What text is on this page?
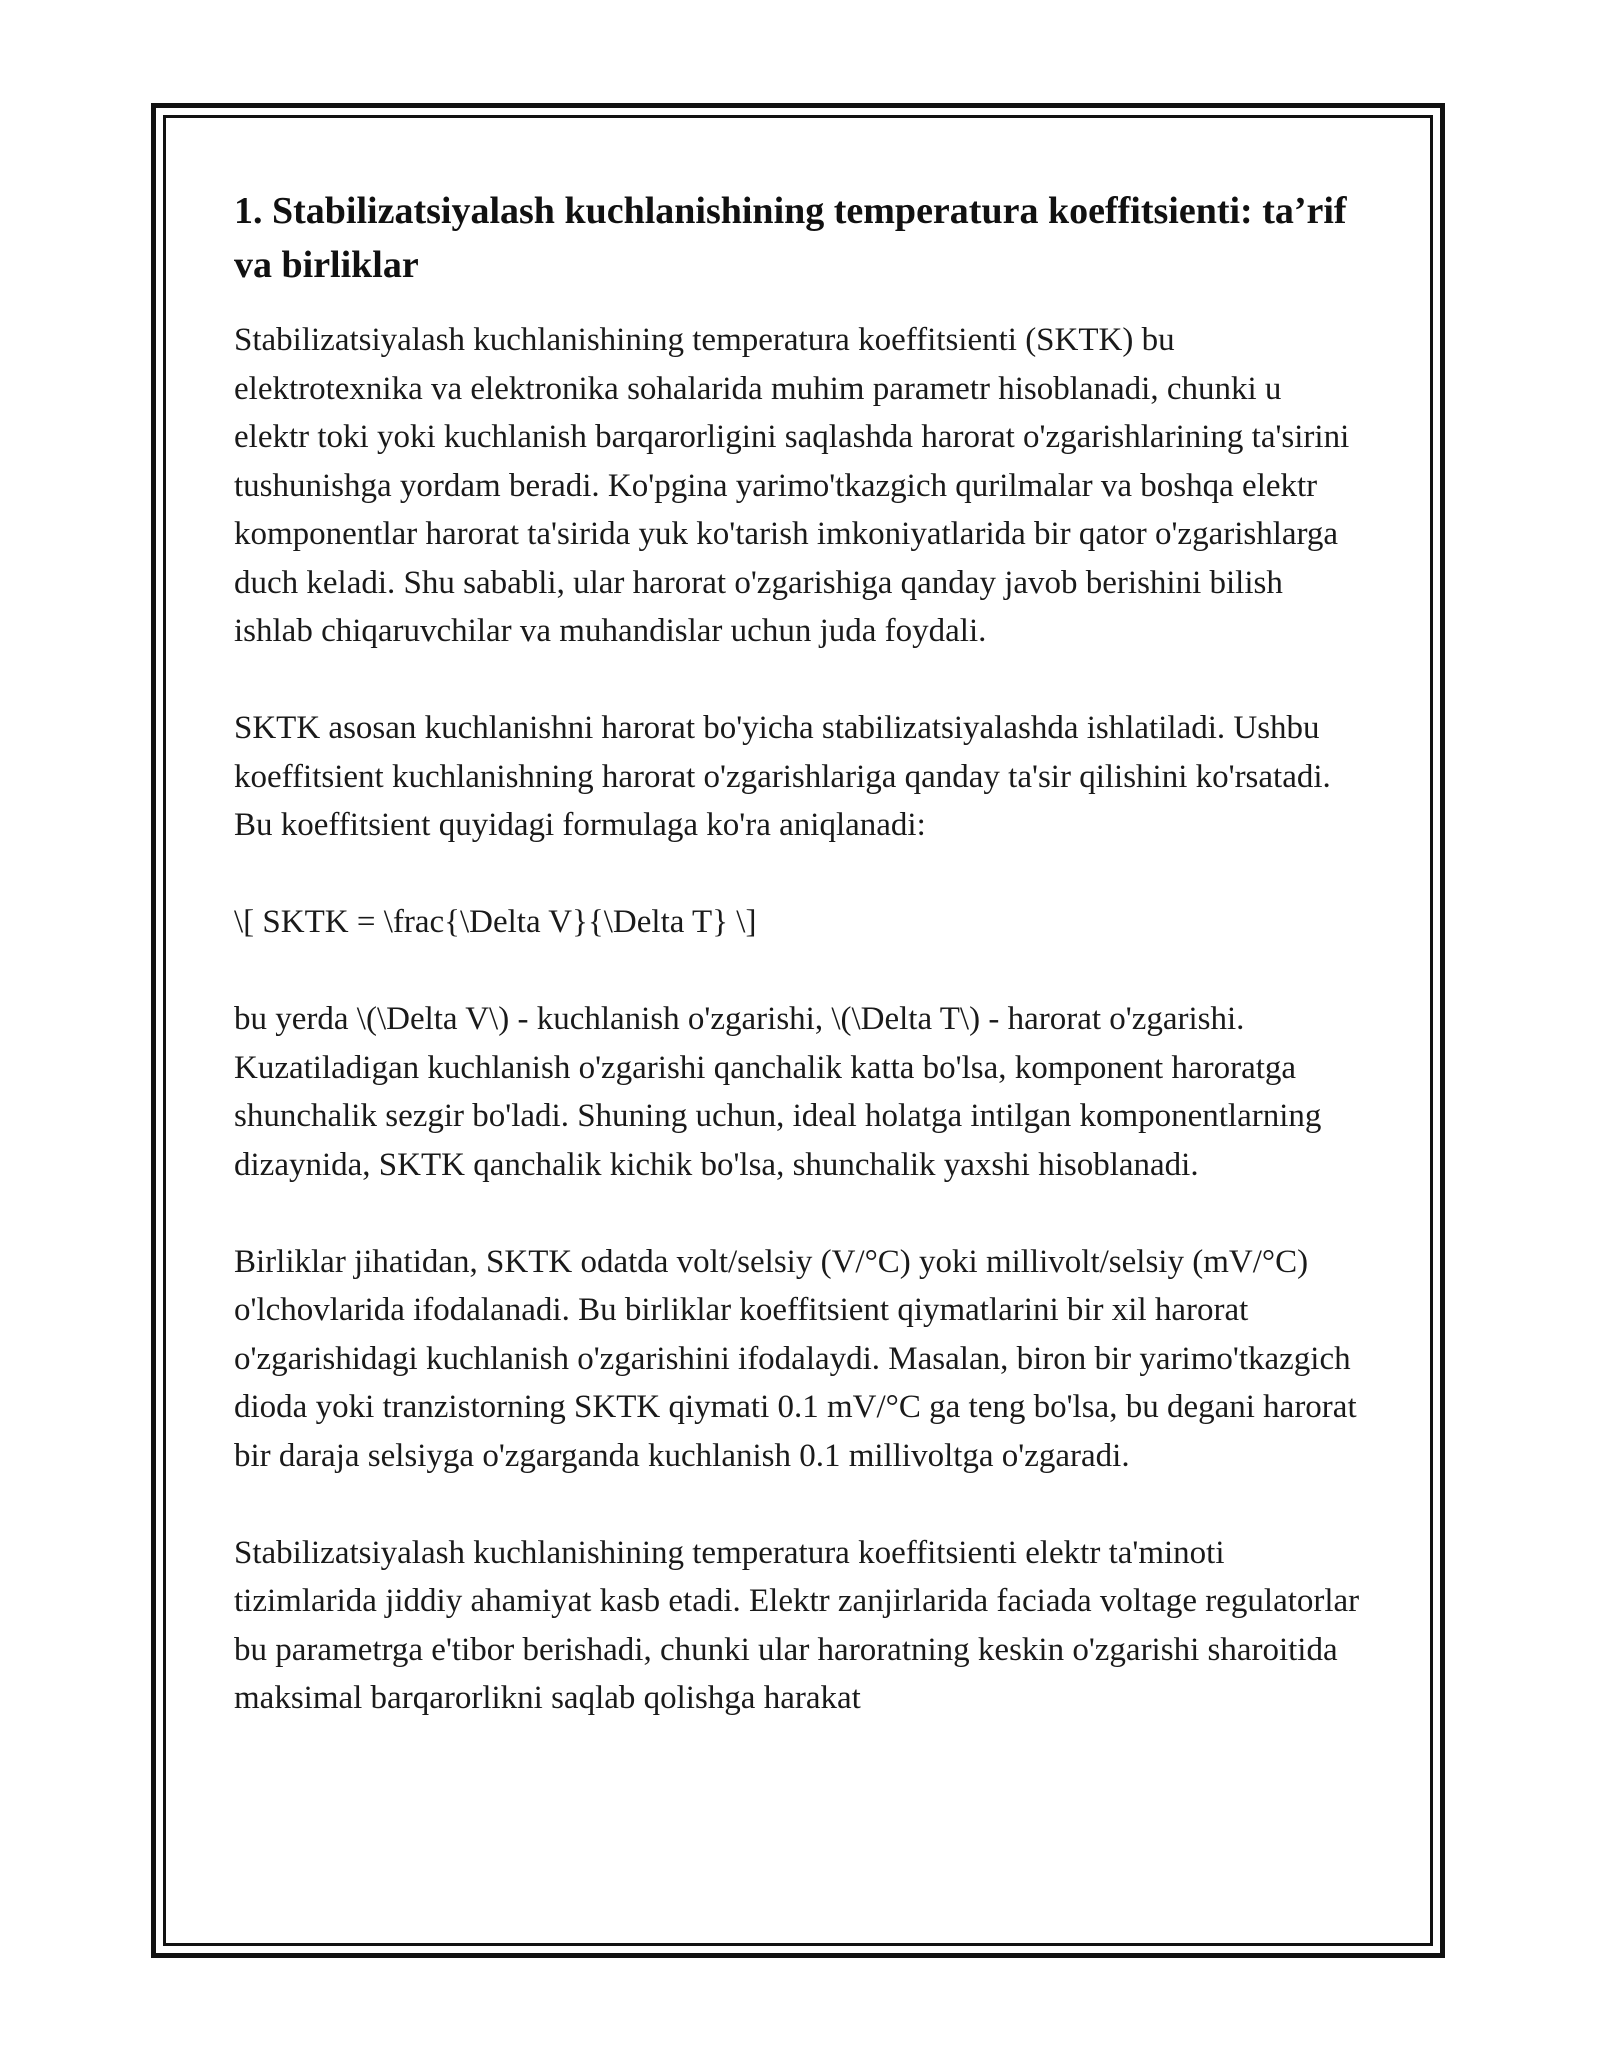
1. Stabilizatsiyalash kuchlanishining temperatura koeffitsienti: ta’rif va birliklar

Stabilizatsiyalash kuchlanishining temperatura koeffitsienti (SKTK) bu elektrotexnika va elektronika sohalarida muhim parametr hisoblanadi, chunki u elektr toki yoki kuchlanish barqarorligini saqlashda harorat o'zgarishlarining ta'sirini tushunishga yordam beradi. Ko'pgina yarimo'tkazgich qurilmalar va boshqa elektr komponentlar harorat ta'sirida yuk ko'tarish imkoniyatlarida bir qator o'zgarishlarga duch keladi. Shu sababli, ular harorat o'zgarishiga qanday javob berishini bilish ishlab chiqaruvchilar va muhandislar uchun juda foydali.

SKTK asosan kuchlanishni harorat bo'yicha stabilizatsiyalashda ishlatiladi. Ushbu koeffitsient kuchlanishning harorat o'zgarishlariga qanday ta'sir qilishini ko'rsatadi. Bu koeffitsient quyidagi formulaga ko'ra aniqlanadi:

\[ SKTK = \frac{\Delta V}{\Delta T} \]

bu yerda \(\Delta V\) - kuchlanish o'zgarishi, \(\Delta T\) - harorat o'zgarishi. Kuzatiladigan kuchlanish o'zgarishi qanchalik katta bo'lsa, komponent haroratga shunchalik sezgir bo'ladi. Shuning uchun, ideal holatga intilgan komponentlarning dizaynida, SKTK qanchalik kichik bo'lsa, shunchalik yaxshi hisoblanadi.

Birliklar jihatidan, SKTK odatda volt/selsiy (V/°C) yoki millivolt/selsiy (mV/°C) o'lchovlarida ifodalanadi. Bu birliklar koeffitsient qiymatlarini bir xil harorat o'zgarishidagi kuchlanish o'zgarishini ifodalaydi. Masalan, biron bir yarimo'tkazgich dioda yoki tranzistorning SKTK qiymati 0.1 mV/°C ga teng bo'lsa, bu degani harorat bir daraja selsiyga o'zgarganda kuchlanish 0.1 millivoltga o'zgaradi.

Stabilizatsiyalash kuchlanishining temperatura koeffitsienti elektr ta'minoti tizimlarida jiddiy ahamiyat kasb etadi. Elektr zanjirlarida faciada voltage regulatorlar bu parametrga e'tibor berishadi, chunki ular haroratning keskin o'zgarishi sharoitida maksimal barqarorlikni saqlab qolishga harakat
